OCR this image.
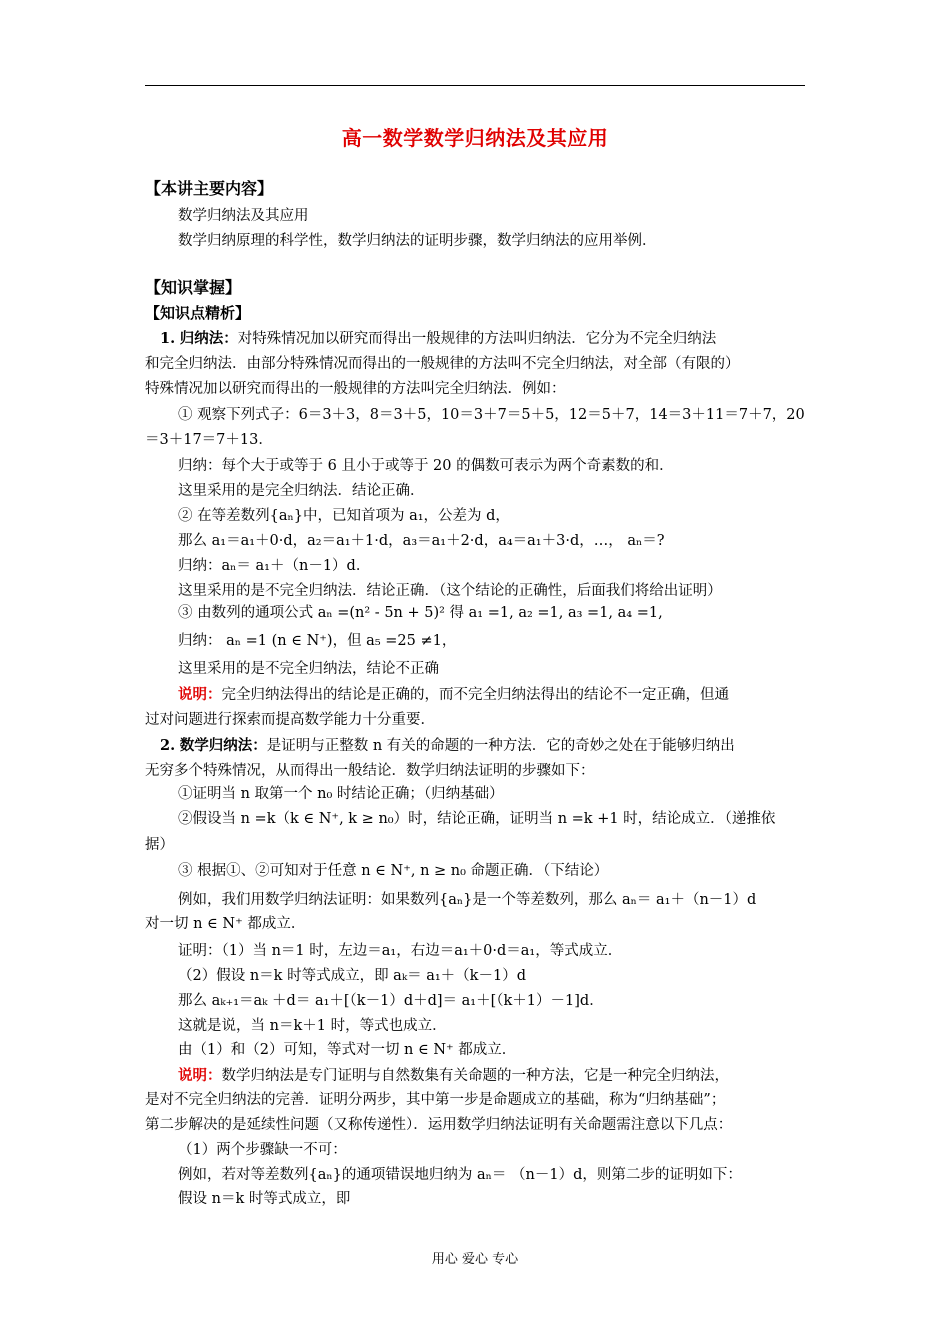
高一数学数学归纳法及其应用
【本讲主要内容】
数学归纳法及其应用
数学归纳原理的科学性，数学归纳法的证明步骤，数学归纳法的应用举例．
【知识掌握】
【知识点精析】
1. 归纳法：对特殊情况加以研究而得出一般规律的方法叫归纳法．它分为不完全归纳法
和完全归纳法．由部分特殊情况而得出的一般规律的方法叫不完全归纳法，对全部（有限的）
特殊情况加以研究而得出的一般规律的方法叫完全归纳法．例如：
① 观察下列式子：6＝3＋3，8＝3＋5，10＝3＋7＝5＋5，12＝5＋7，14＝3＋11＝7＋7，20
＝3＋17＝7＋13．
归纳：每个大于或等于 6 且小于或等于 20 的偶数可表示为两个奇素数的和．
这里采用的是完全归纳法．结论正确．
② 在等差数列{aₙ}中，已知首项为 a₁，公差为 d，
那么 a₁＝a₁＋0·d，a₂＝a₁＋1·d，a₃＝a₁＋2·d，a₄＝a₁＋3·d，…， aₙ＝?
归纳：aₙ＝ a₁＋（n－1）d．
这里采用的是不完全归纳法．结论正确．（这个结论的正确性，后面我们将给出证明）
③ 由数列的通项公式 aₙ =(n² - 5n + 5)² 得 a₁ =1, a₂ =1, a₃ =1, a₄ =1,
归纳： aₙ =1 (n ∈ N⁺)，但 a₅ =25 ≠1，
这里采用的是不完全归纳法，结论不正确
说明：完全归纳法得出的结论是正确的，而不完全归纳法得出的结论不一定正确，但通
过对问题进行探索而提高数学能力十分重要．
2. 数学归纳法：是证明与正整数 n 有关的命题的一种方法．它的奇妙之处在于能够归纳出
无穷多个特殊情况，从而得出一般结论．数学归纳法证明的步骤如下：
①证明当 n 取第一个 n₀ 时结论正确；（归纳基础）
②假设当 n =k（k ∈ N⁺, k ≥ n₀）时，结论正确，证明当 n =k +1 时，结论成立．（递推依
据）
③ 根据①、②可知对于任意 n ∈ N⁺, n ≥ n₀ 命题正确．（下结论）
例如，我们用数学归纳法证明：如果数列{aₙ}是一个等差数列，那么 aₙ＝ a₁＋（n－1）d
对一切 n ∈ N⁺ 都成立．
证明：（1）当 n＝1 时，左边＝a₁，右边＝a₁＋0·d＝a₁，等式成立．
（2）假设 n＝k 时等式成立，即 aₖ＝ a₁＋（k－1）d
那么 aₖ₊₁＝aₖ ＋d＝ a₁＋[（k－1）d＋d]＝ a₁＋[（k＋1）－1]d．
这就是说，当 n＝k＋1 时，等式也成立．
由（1）和（2）可知，等式对一切 n ∈ N⁺ 都成立．
说明：数学归纳法是专门证明与自然数集有关命题的一种方法，它是一种完全归纳法，
是对不完全归纳法的完善．证明分两步，其中第一步是命题成立的基础，称为“归纳基础”；
第二步解决的是延续性问题（又称传递性）．运用数学归纳法证明有关命题需注意以下几点：
（1）两个步骤缺一不可：
例如，若对等差数列{aₙ}的通项错误地归纳为 aₙ＝ （n－1）d，则第二步的证明如下：
假设 n＝k 时等式成立，即
用心 爱心 专心
